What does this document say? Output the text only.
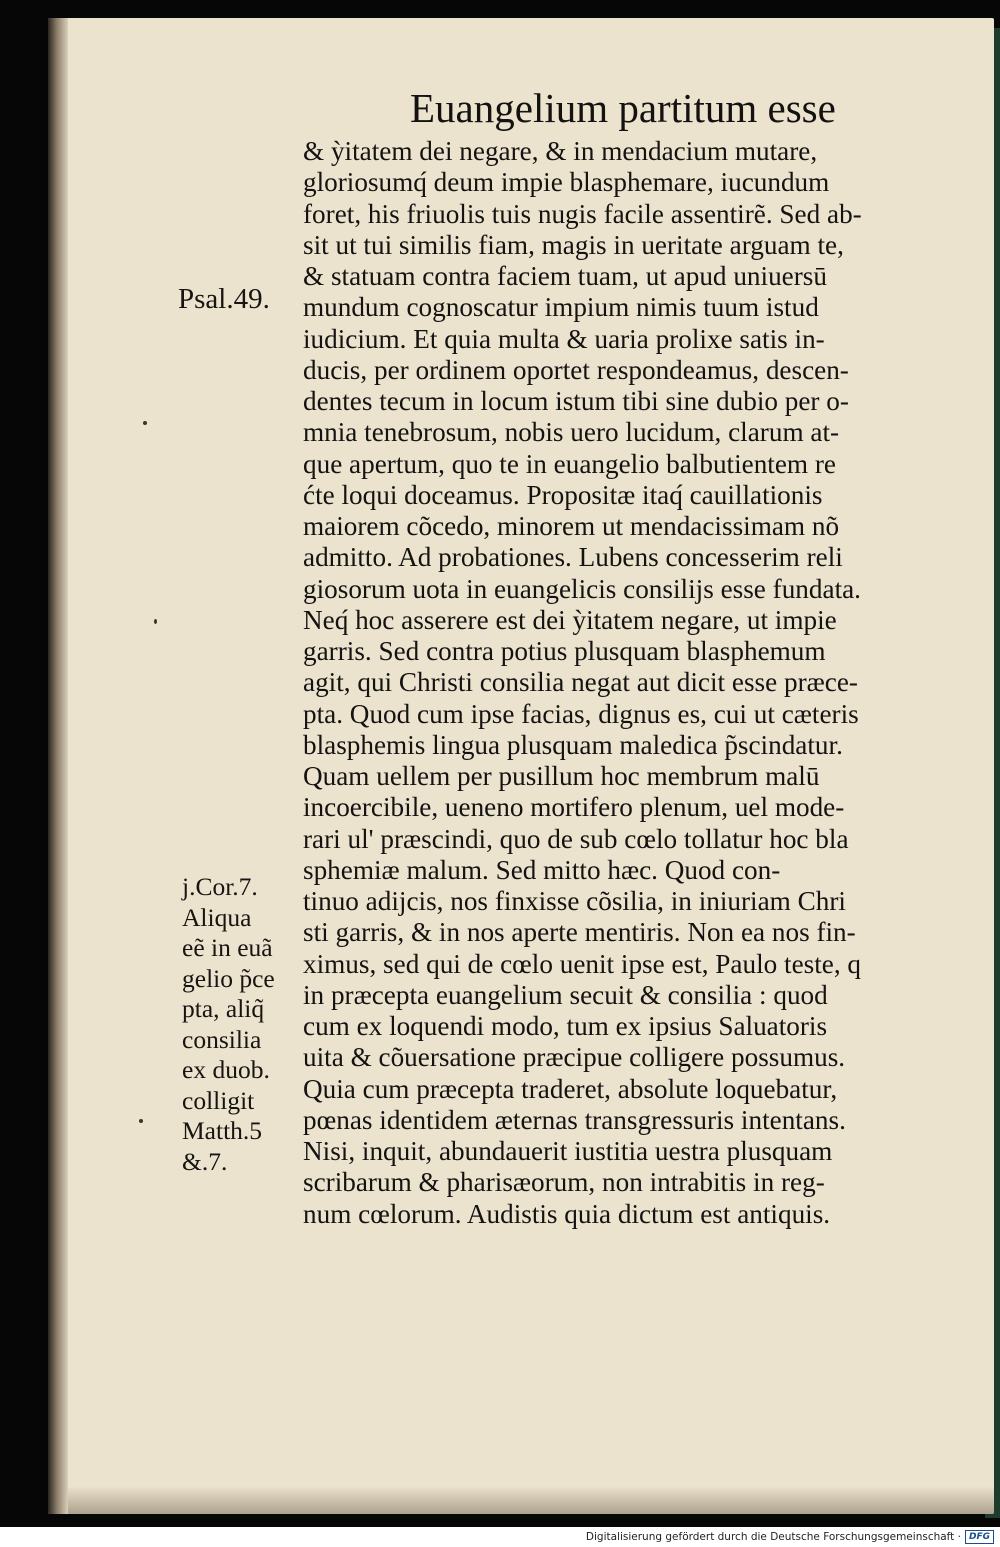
Euangelium partitum esse
Psal.49.
j.Cor.7.
Aliqua
eẽ in euã
gelio p̃ce
pta, aliq̃
consilia
ex duob.
colligit
Matth.5
&.7.
& ỳitatem dei negare, & in mendacium mutare,
gloriosumq́ deum impie blasphemare, iucundum
foret, his friuolis tuis nugis facile assentirẽ. Sed ab-
sit ut tui similis fiam, magis in ueritate arguam te,
& statuam contra faciem tuam, ut apud uniuersū
mundum cognoscatur impium nimis tuum istud
iudicium. Et quia multa & uaria prolixe satis in-
ducis, per ordinem oportet respondeamus, descen-
dentes tecum in locum istum tibi sine dubio per o-
mnia tenebrosum, nobis uero lucidum, clarum at-
que apertum, quo te in euangelio balbutientem re
ćte loqui doceamus. Propositæ itaq́ cauillationis
maiorem cõcedo, minorem ut mendacissimam nõ
admitto. Ad probationes. Lubens concesserim reli
giosorum uota in euangelicis consilijs esse fundata.
Neq́ hoc asserere est dei ỳitatem negare, ut impie
garris. Sed contra potius plusquam blasphemum
agit, qui Christi consilia negat aut dicit esse præce-
pta. Quod cum ipse facias, dignus es, cui ut cæteris
blasphemis lingua plusquam maledica p̃scindatur.
Quam uellem per pusillum hoc membrum malū
incoercibile, ueneno mortifero plenum, uel mode-
rari ul' præscindi, quo de sub cœlo tollatur hoc bla
sphemiæ malum. Sed mitto hæc. Quod con-
tinuo adijcis, nos finxisse cõsilia, in iniuriam Chri
sti garris, & in nos aperte mentiris. Non ea nos fin-
ximus, sed qui de cœlo uenit ipse est, Paulo teste, q
in præcepta euangelium secuit & consilia : quod
cum ex loquendi modo, tum ex ipsius Saluatoris
uita & cõuersatione præcipue colligere possumus.
Quia cum præcepta traderet, absolute loquebatur,
pœnas identidem æternas transgressuris intentans.
Nisi, inquit, abundauerit iustitia uestra plusquam
scribarum & pharisæorum, non intrabitis in reg-
num cœlorum. Audistis quia dictum est antiquis.
Digitalisierung gefördert durch die Deutsche Forschungsgemeinschaft · DFG
